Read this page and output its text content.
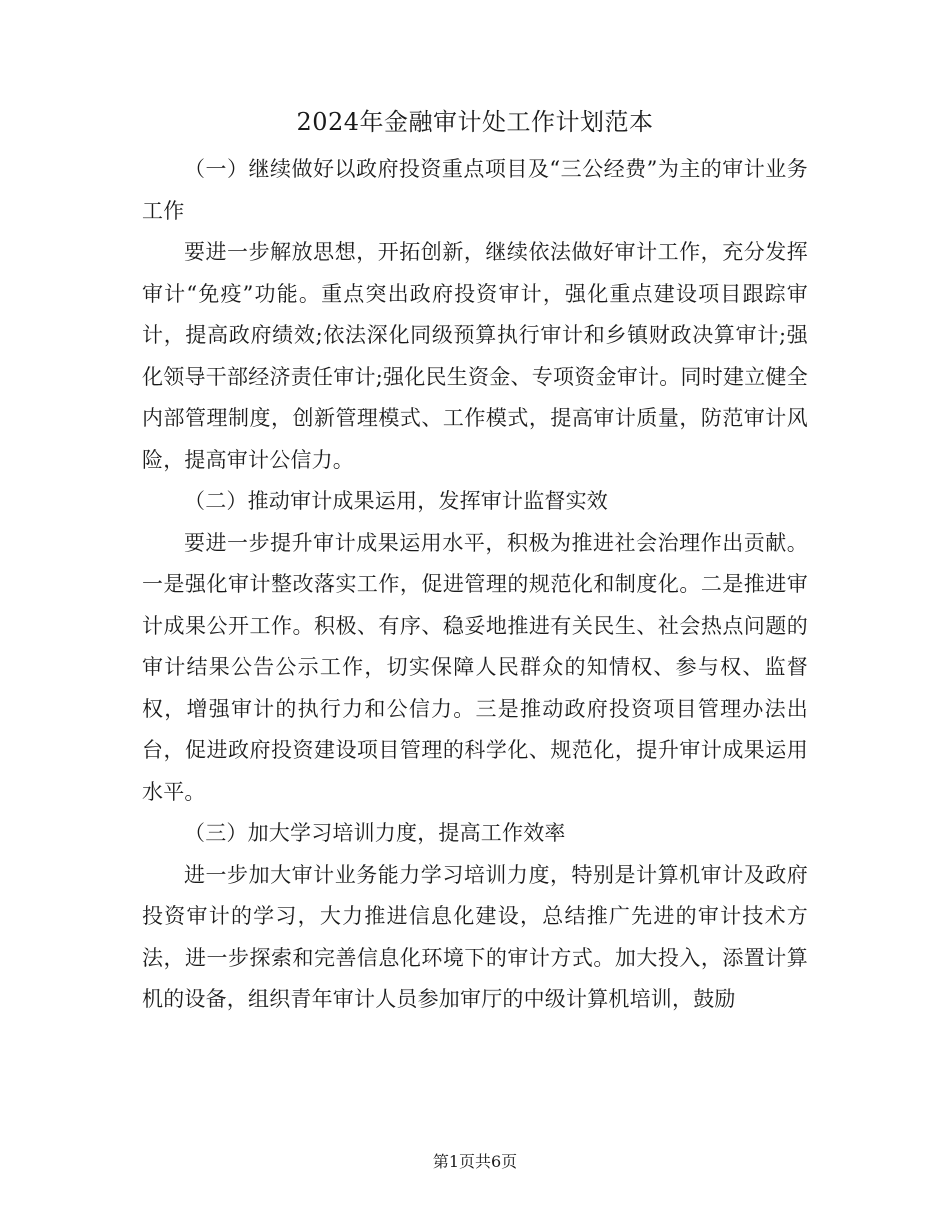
2024年金融审计处工作计划范本

（一）继续做好以政府投资重点项目及“三公经费”为主的审计业务工作

要进一步解放思想，开拓创新，继续依法做好审计工作，充分发挥审计“免疫”功能。重点突出政府投资审计，强化重点建设项目跟踪审计，提高政府绩效;依法深化同级预算执行审计和乡镇财政决算审计;强化领导干部经济责任审计;强化民生资金、专项资金审计。同时建立健全内部管理制度，创新管理模式、工作模式，提高审计质量，防范审计风险，提高审计公信力。

（二）推动审计成果运用，发挥审计监督实效

要进一步提升审计成果运用水平，积极为推进社会治理作出贡献。一是强化审计整改落实工作，促进管理的规范化和制度化。二是推进审计成果公开工作。积极、有序、稳妥地推进有关民生、社会热点问题的审计结果公告公示工作，切实保障人民群众的知情权、参与权、监督权，增强审计的执行力和公信力。三是推动政府投资项目管理办法出台，促进政府投资建设项目管理的科学化、规范化，提升审计成果运用水平。

（三）加大学习培训力度，提高工作效率

进一步加大审计业务能力学习培训力度，特别是计算机审计及政府投资审计的学习，大力推进信息化建设，总结推广先进的审计技术方法，进一步探索和完善信息化环境下的审计方式。加大投入，添置计算机的设备，组织青年审计人员参加审厅的中级计算机培训，鼓励

第1页共6页
